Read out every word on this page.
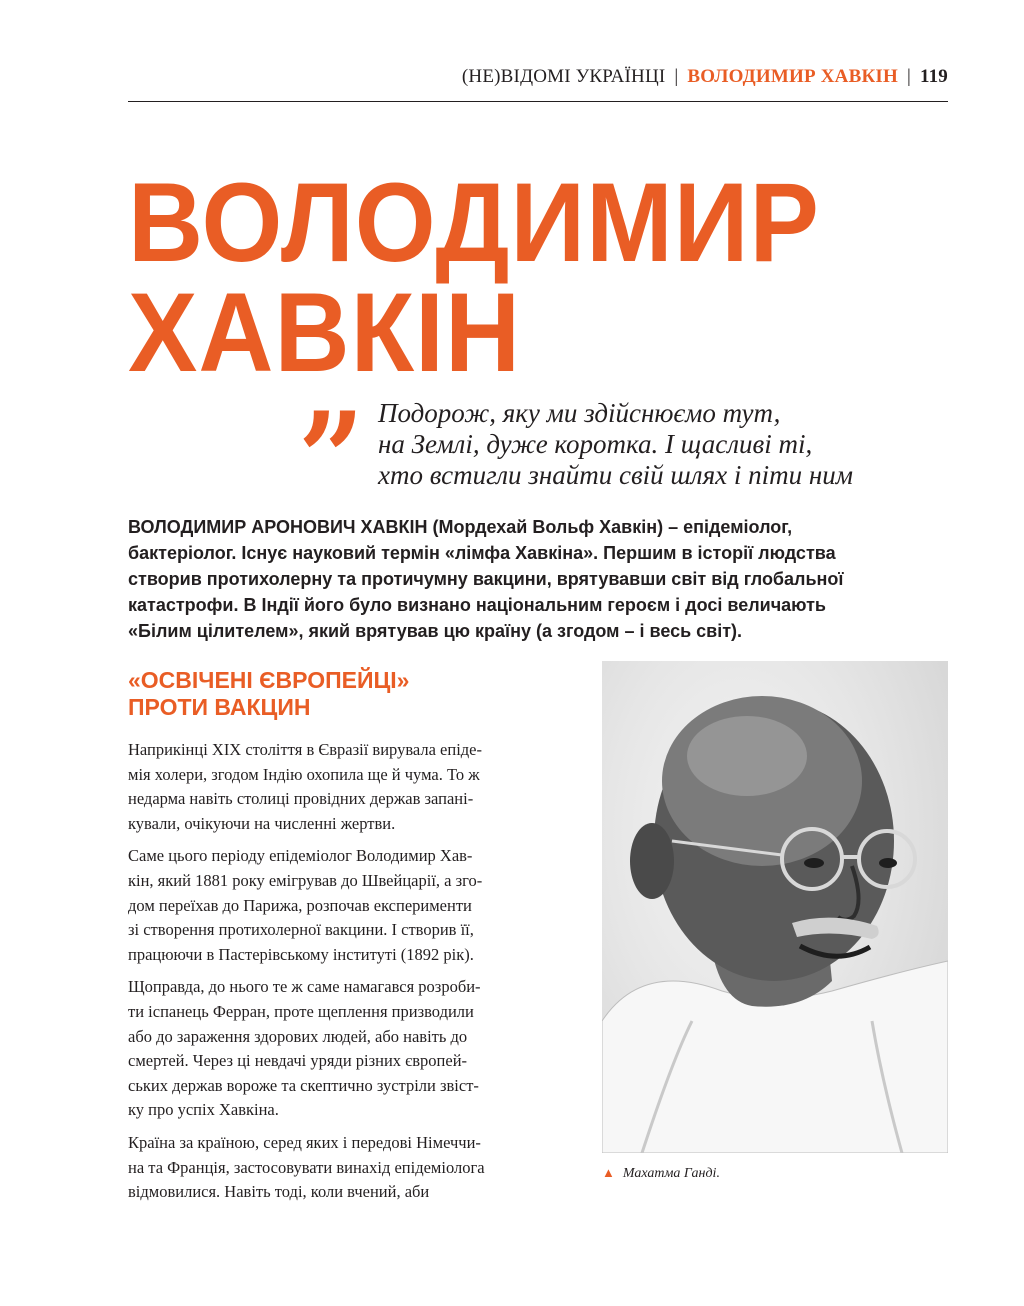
(НЕ)ВІДОМІ УКРАЇНЦІ | ВОЛОДИМИР ХАВКІН | 119
ВОЛОДИМИР
ХАВКІН
” Подорож, яку ми здійснюємо тут,
на Землі, дуже коротка. І щасливі ті,
хто встигли знайти свій шлях і піти ним
ВОЛОДИМИР АРОНОВИЧ ХАВКІН (Мордехай Вольф Хавкін) – епідеміолог,
бактеріолог. Існує науковий термін «лімфа Хавкіна». Першим в історії людства
створив протихолерну та протичумну вакцини, врятувавши світ від глобальної
катастрофи. В Індії його було визнано національним героєм і досі величають
«Білим цілителем», який врятував цю країну (а згодом – і весь світ).
«ОСВІЧЕНІ ЄВРОПЕЙЦІ»
ПРОТИ ВАКЦИН

Наприкінці XIX століття в Євразії вирувала епіде-
мія холери, згодом Індію охопила ще й чума. То ж
недарма навіть столиці провідних держав запані-
кували, очікуючи на численні жертви.

Саме цього періоду епідеміолог Володимир Хав-
кін, який 1881 року емігрував до Швейцарії, а зго-
дом переїхав до Парижа, розпочав експерименти
зі створення протихолерної вакцини. І створив її,
працюючи в Пастерівському інституті (1892 рік).

Щоправда, до нього те ж саме намагався розроби-
ти іспанець Ферран, проте щеплення призводили
або до зараження здорових людей, або навіть до
смертей. Через ці невдачі уряди різних європей-
ських держав вороже та скептично зустріли звіст-
ку про успіх Хавкіна.

Країна за країною, серед яких і передові Німеччи-
на та Франція, застосовувати винахід епідеміолога
відмовилися. Навіть тоді, коли вчений, аби

▲ Махатма Ганді.
